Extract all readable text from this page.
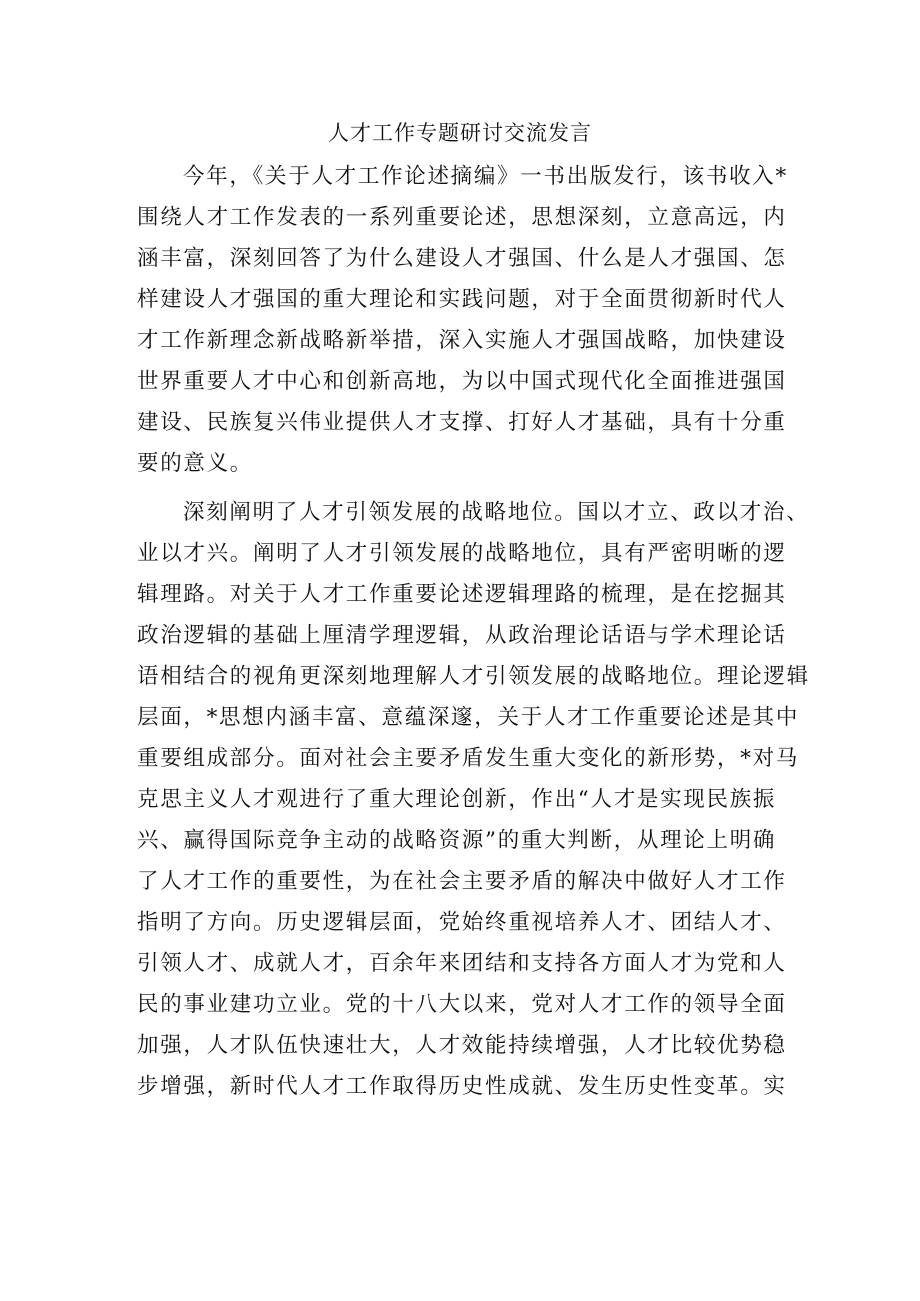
人才工作专题研讨交流发言
今年，《关于人才工作论述摘编》一书出版发行，该书收入*
围绕人才工作发表的一系列重要论述，思想深刻，立意高远，内
涵丰富，深刻回答了为什么建设人才强国、什么是人才强国、怎
样建设人才强国的重大理论和实践问题，对于全面贯彻新时代人
才工作新理念新战略新举措，深入实施人才强国战略，加快建设
世界重要人才中心和创新高地，为以中国式现代化全面推进强国
建设、民族复兴伟业提供人才支撑、打好人才基础，具有十分重
要的意义。
深刻阐明了人才引领发展的战略地位。国以才立、政以才治、
业以才兴。阐明了人才引领发展的战略地位，具有严密明晰的逻
辑理路。对关于人才工作重要论述逻辑理路的梳理，是在挖掘其
政治逻辑的基础上厘清学理逻辑，从政治理论话语与学术理论话
语相结合的视角更深刻地理解人才引领发展的战略地位。理论逻辑
层面，*思想内涵丰富、意蕴深邃，关于人才工作重要论述是其中
重要组成部分。面对社会主要矛盾发生重大变化的新形势，*对马
克思主义人才观进行了重大理论创新，作出“人才是实现民族振
兴、赢得国际竞争主动的战略资源”的重大判断，从理论上明确
了人才工作的重要性，为在社会主要矛盾的解决中做好人才工作
指明了方向。历史逻辑层面，党始终重视培养人才、团结人才、
引领人才、成就人才，百余年来团结和支持各方面人才为党和人
民的事业建功立业。党的十八大以来，党对人才工作的领导全面
加强，人才队伍快速壮大，人才效能持续增强，人才比较优势稳
步增强，新时代人才工作取得历史性成就、发生历史性变革。实
